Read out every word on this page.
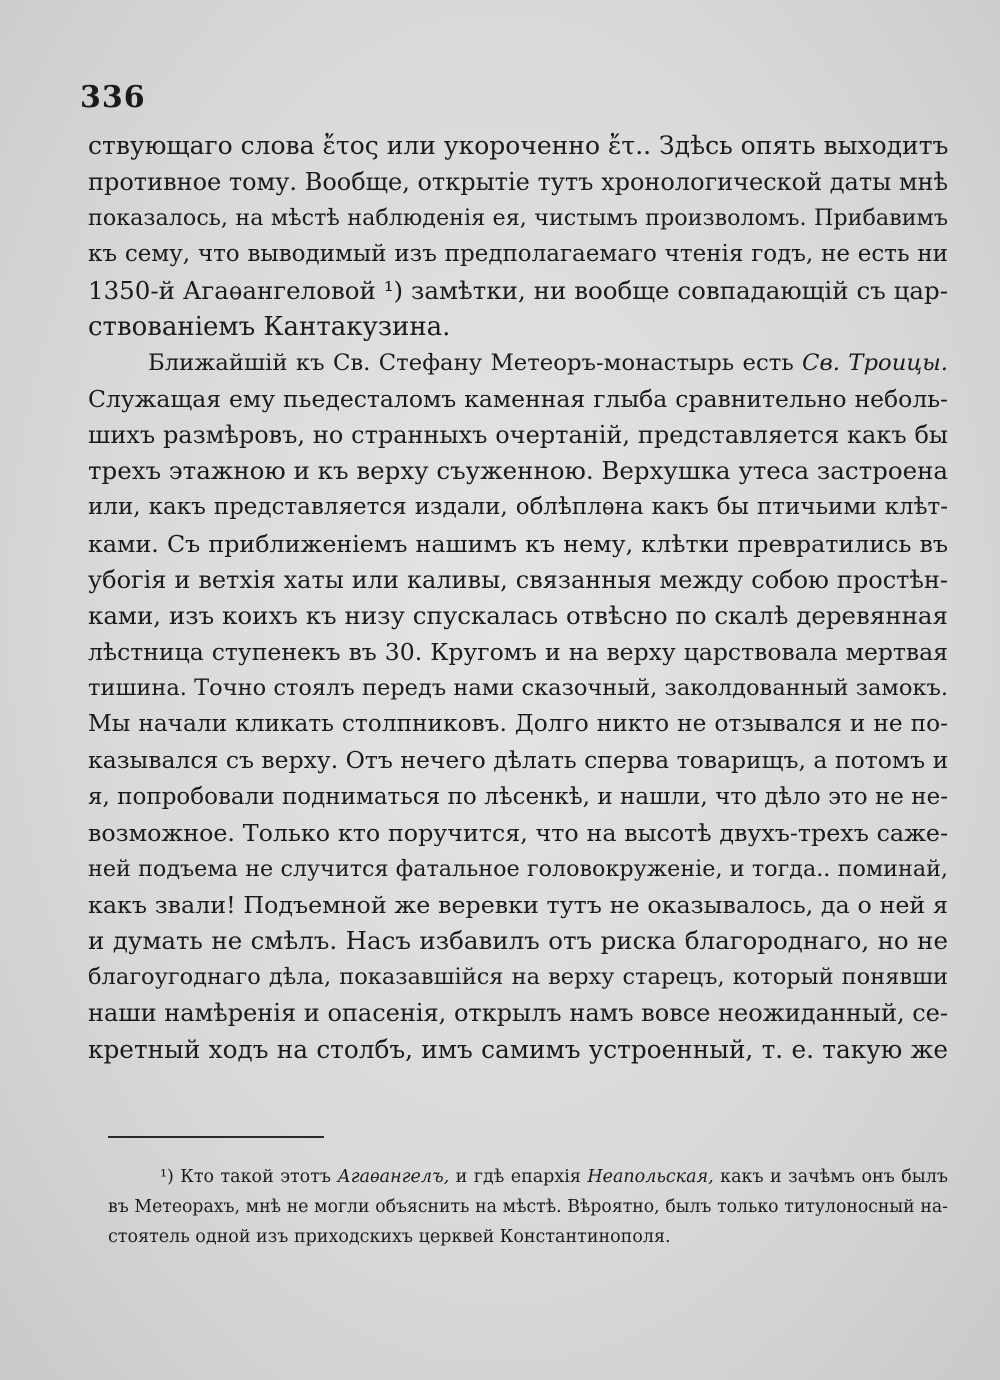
336
ствующаго слова ἔτος или укороченно ἔτ.. Здѣсь опять выходитъ
противное тому. Вообще, открытіе тутъ хронологической даты мнѣ
показалось, на мѣстѣ наблюденія ея, чистымъ произволомъ. Прибавимъ
къ сему, что выводимый изъ предполагаемаго чтенія годъ, не есть ни
1350-й Агаѳангеловой ¹) замѣтки, ни вообще совпадающій съ цар-
ствованіемъ Кантакузина.
Ближайшій къ Св. Стефану Метеоръ-монастырь есть Св. Троицы.
Служащая ему пьедесталомъ каменная глыба сравнительно неболь-
шихъ размѣровъ, но странныхъ очертаній, представляется какъ бы
трехъ этажною и къ верху съуженною. Верхушка утеса застроена
или, какъ представляется издали, облѣплѳна какъ бы птичьими клѣт-
ками. Съ приближеніемъ нашимъ къ нему, клѣтки превратились въ
убогія и ветхія хаты или каливы, связанныя между собою простѣн-
ками, изъ коихъ къ низу спускалась отвѣсно по скалѣ деревянная
лѣстница ступенекъ въ 30. Кругомъ и на верху царствовала мертвая
тишина. Точно стоялъ передъ нами сказочный, заколдованный замокъ.
Мы начали кликать столпниковъ. Долго никто не отзывался и не по-
казывался съ верху. Отъ нечего дѣлать сперва товарищъ, а потомъ и
я, попробовали подниматься по лѣсенкѣ, и нашли, что дѣло это не не-
возможное. Только кто поручится, что на высотѣ двухъ-трехъ саже-
ней подъема не случится фатальное головокруженіе, и тогда.. поминай,
какъ звали! Подъемной же веревки тутъ не оказывалось, да о ней я
и думать не смѣлъ. Насъ избавилъ отъ риска благороднаго, но не
благоугоднаго дѣла, показавшійся на верху старецъ, который понявши
наши намѣренія и опасенія, открылъ намъ вовсе неожиданный, се-
кретный ходъ на столбъ, имъ самимъ устроенный, т. е. такую же
¹) Кто такой этотъ Агаѳангелъ, и гдѣ епархія Неапольская, какъ и зачѣмъ онъ былъ
въ Метеорахъ, мнѣ не могли объяснить на мѣстѣ. Вѣроятно, былъ только титулоносный на-
стоятель одной изъ приходскихъ церквей Константинополя.
